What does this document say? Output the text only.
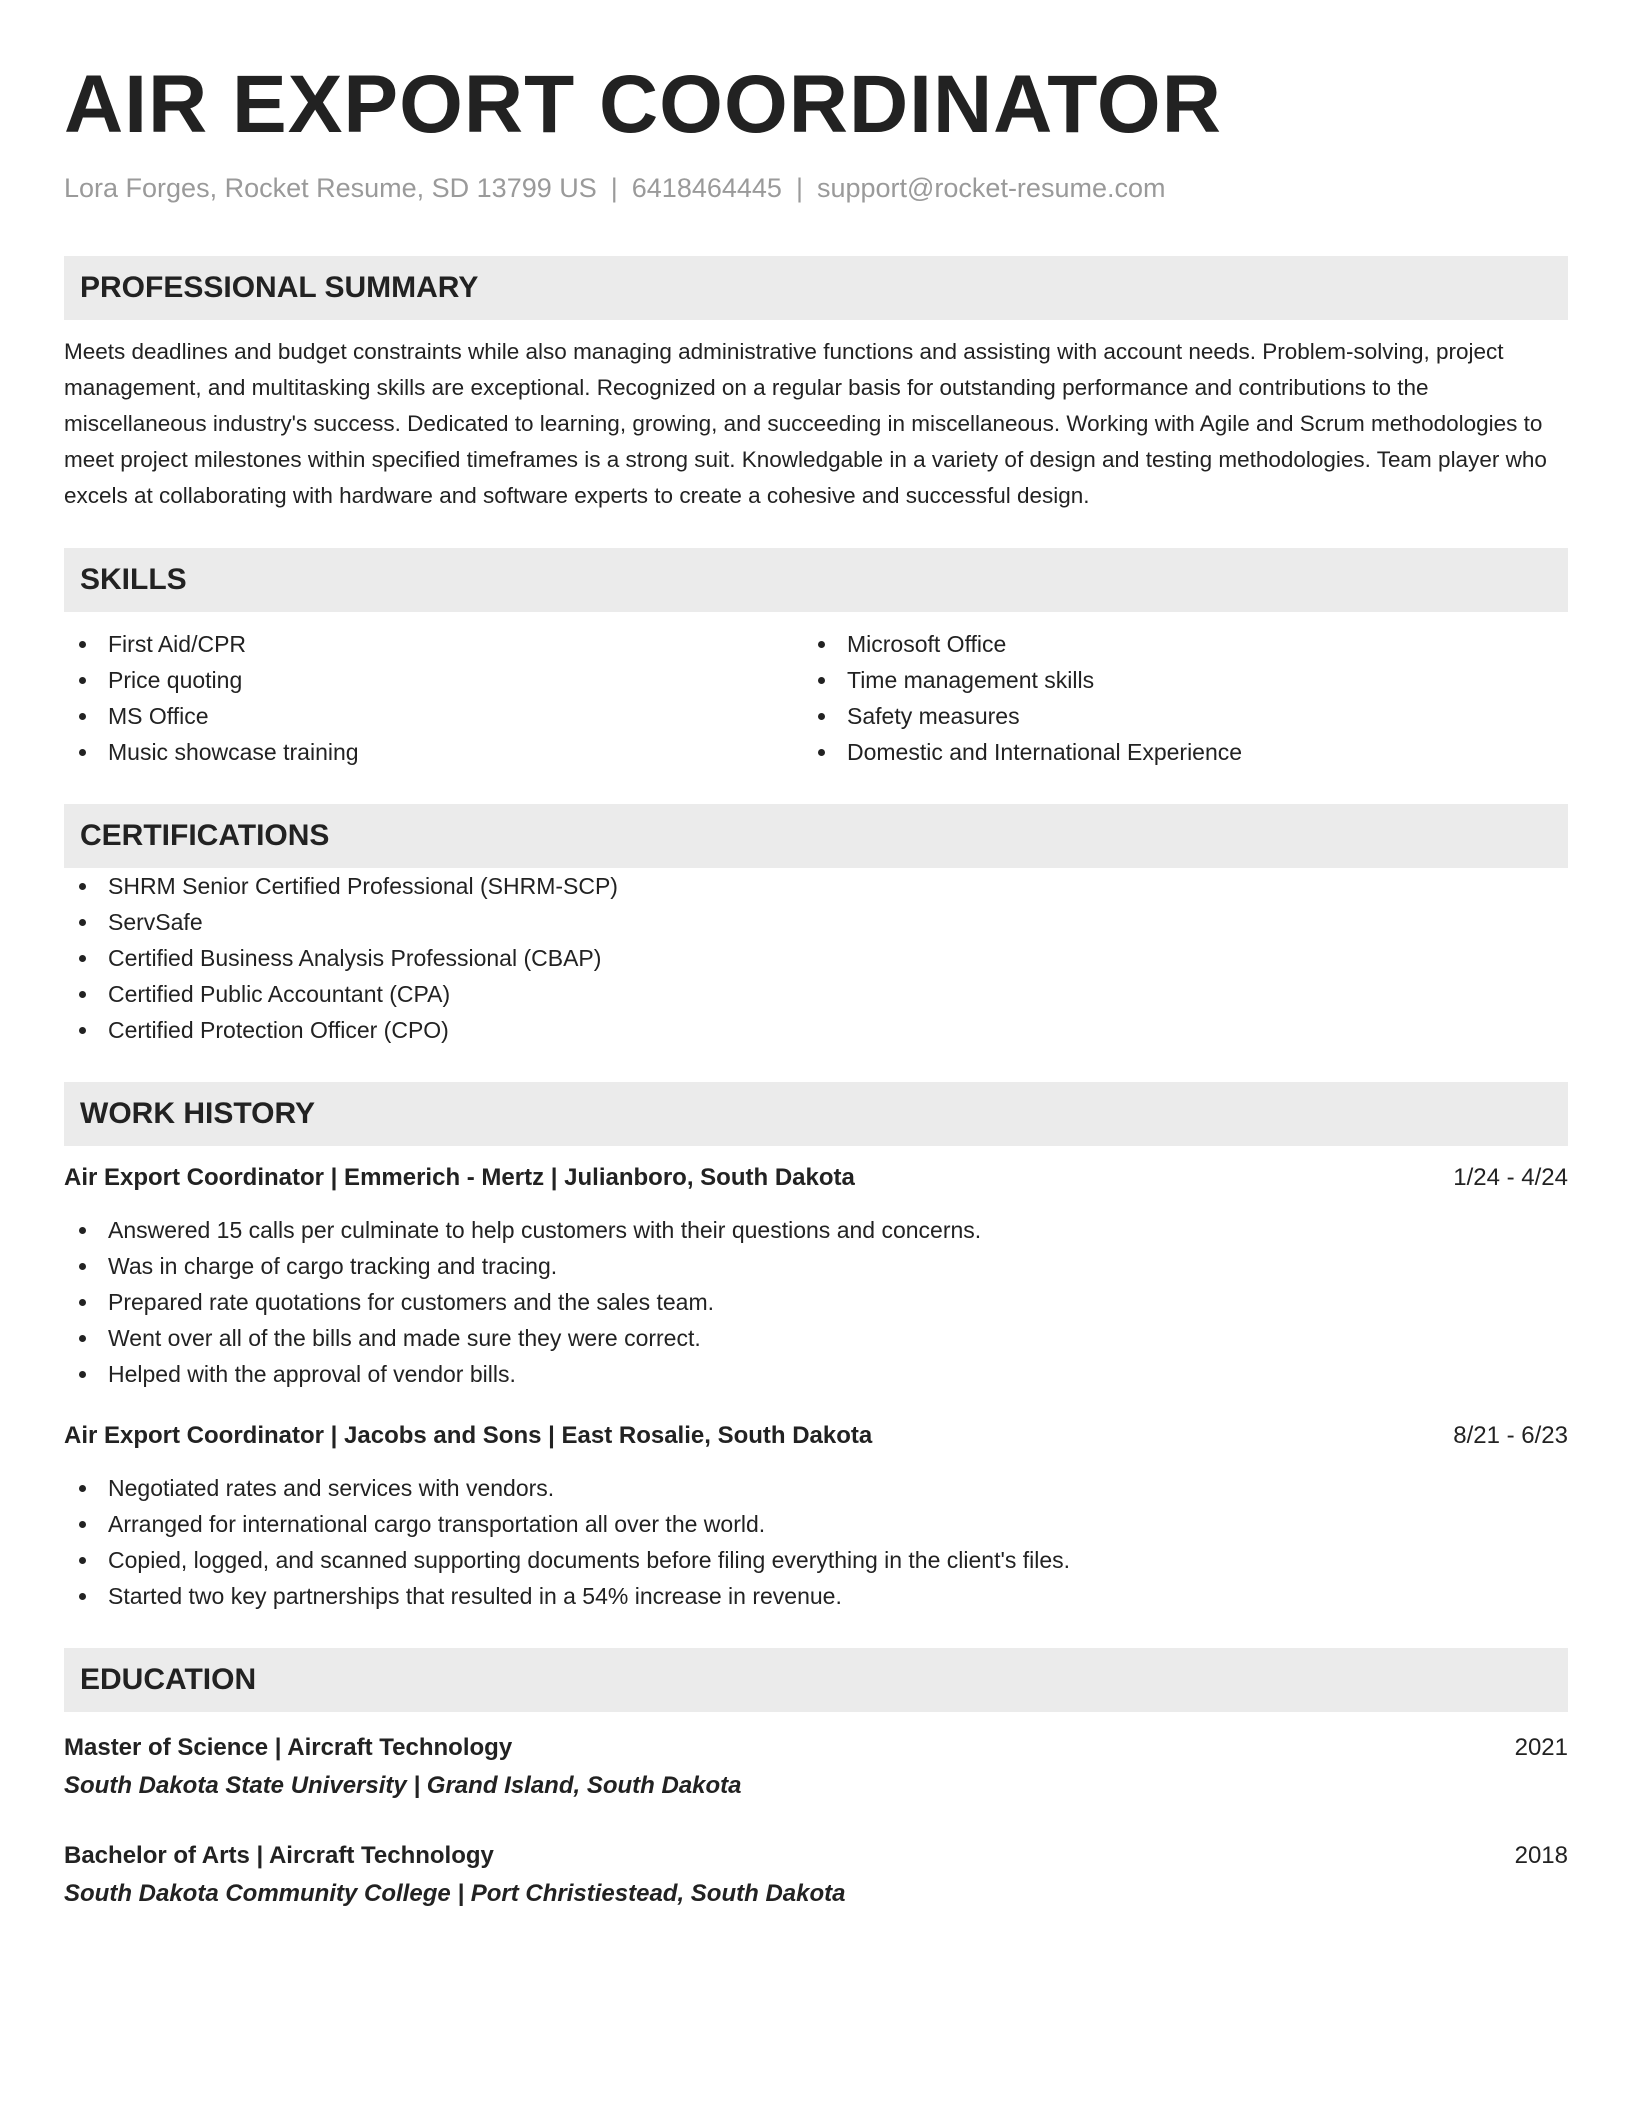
AIR EXPORT COORDINATOR
Lora Forges, Rocket Resume, SD 13799 US | 6418464445 | support@rocket-resume.com
PROFESSIONAL SUMMARY

Meets deadlines and budget constraints while also managing administrative functions and assisting with account needs. Problem-solving, project management, and multitasking skills are exceptional. Recognized on a regular basis for outstanding performance and contributions to the miscellaneous industry's success. Dedicated to learning, growing, and succeeding in miscellaneous. Working with Agile and Scrum methodologies to meet project milestones within specified timeframes is a strong suit. Knowledgable in a variety of design and testing methodologies. Team player who excels at collaborating with hardware and software experts to create a cohesive and successful design.

SKILLS
First Aid/CPR
Price quoting
MS Office
Music showcase training
Microsoft Office
Time management skills
Safety measures
Domestic and International Experience
CERTIFICATIONS
SHRM Senior Certified Professional (SHRM-SCP)
ServSafe
Certified Business Analysis Professional (CBAP)
Certified Public Accountant (CPA)
Certified Protection Officer (CPO)
WORK HISTORY
Air Export Coordinator | Emmerich - Mertz | Julianboro, South Dakota	1/24 - 4/24
Answered 15 calls per culminate to help customers with their questions and concerns.
Was in charge of cargo tracking and tracing.
Prepared rate quotations for customers and the sales team.
Went over all of the bills and made sure they were correct.
Helped with the approval of vendor bills.
Air Export Coordinator | Jacobs and Sons | East Rosalie, South Dakota	8/21 - 6/23
Negotiated rates and services with vendors.
Arranged for international cargo transportation all over the world.
Copied, logged, and scanned supporting documents before filing everything in the client's files.
Started two key partnerships that resulted in a 54% increase in revenue.
EDUCATION
Master of Science | Aircraft Technology	2021
South Dakota State University | Grand Island, South Dakota
Bachelor of Arts | Aircraft Technology	2018
South Dakota Community College | Port Christiestead, South Dakota
